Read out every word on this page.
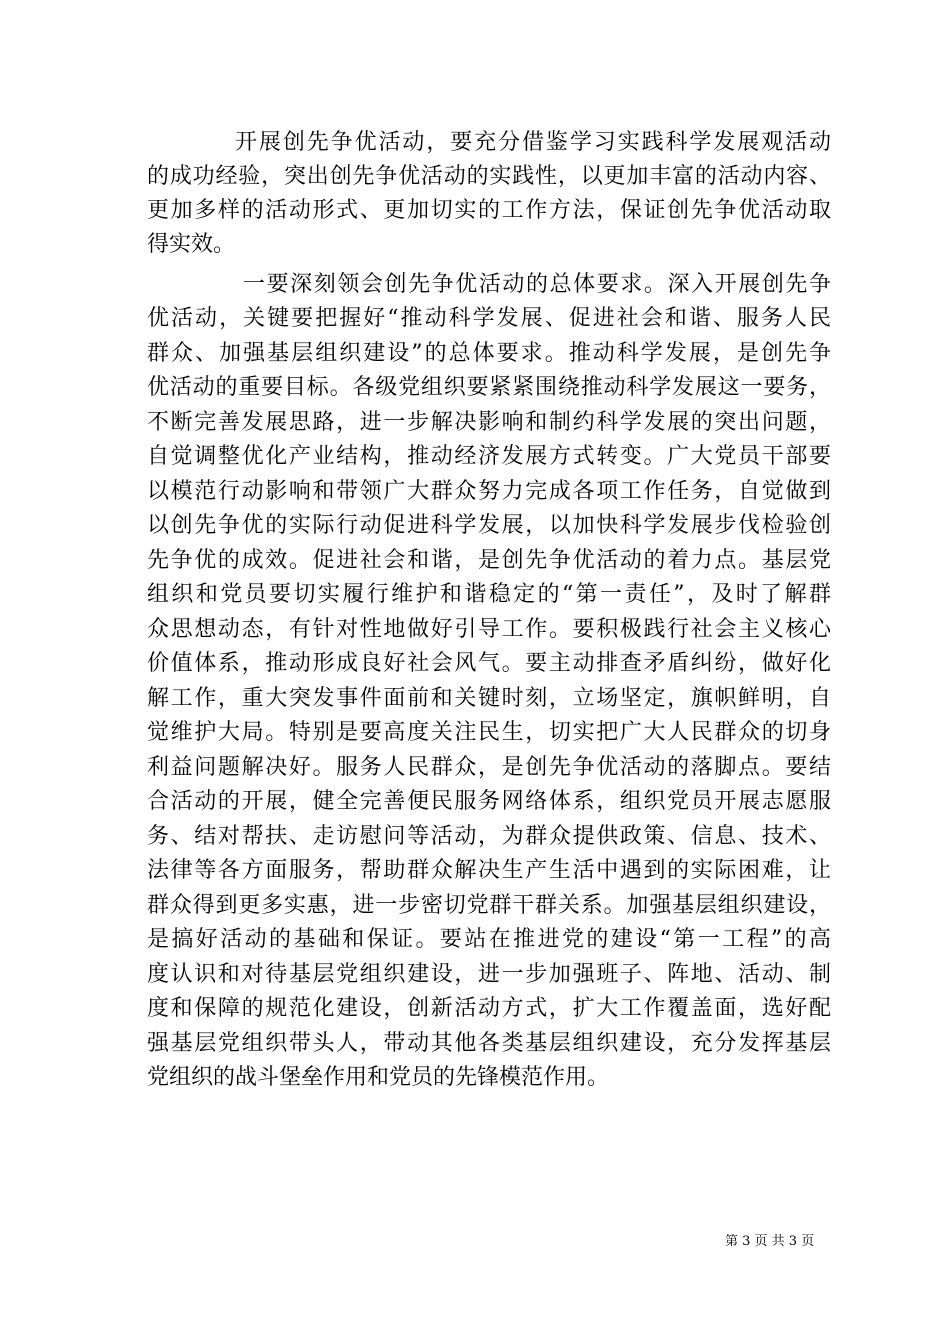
开展创先争优活动，要充分借鉴学习实践科学发展观活动
的成功经验，突出创先争优活动的实践性，以更加丰富的活动内容、
更加多样的活动形式、更加切实的工作方法，保证创先争优活动取
得实效。
一要深刻领会创先争优活动的总体要求。深入开展创先争
优活动，关键要把握好“推动科学发展、促进社会和谐、服务人民
群众、加强基层组织建设”的总体要求。推动科学发展，是创先争
优活动的重要目标。各级党组织要紧紧围绕推动科学发展这一要务，
不断完善发展思路，进一步解决影响和制约科学发展的突出问题，
自觉调整优化产业结构，推动经济发展方式转变。广大党员干部要
以模范行动影响和带领广大群众努力完成各项工作任务，自觉做到
以创先争优的实际行动促进科学发展，以加快科学发展步伐检验创
先争优的成效。促进社会和谐，是创先争优活动的着力点。基层党
组织和党员要切实履行维护和谐稳定的“第一责任”，及时了解群
众思想动态，有针对性地做好引导工作。要积极践行社会主义核心
价值体系，推动形成良好社会风气。要主动排查矛盾纠纷，做好化
解工作，重大突发事件面前和关键时刻，立场坚定，旗帜鲜明，自
觉维护大局。特别是要高度关注民生，切实把广大人民群众的切身
利益问题解决好。服务人民群众，是创先争优活动的落脚点。要结
合活动的开展，健全完善便民服务网络体系，组织党员开展志愿服
务、结对帮扶、走访慰问等活动，为群众提供政策、信息、技术、
法律等各方面服务，帮助群众解决生产生活中遇到的实际困难，让
群众得到更多实惠，进一步密切党群干群关系。加强基层组织建设，
是搞好活动的基础和保证。要站在推进党的建设“第一工程”的高
度认识和对待基层党组织建设，进一步加强班子、阵地、活动、制
度和保障的规范化建设，创新活动方式，扩大工作覆盖面，选好配
强基层党组织带头人，带动其他各类基层组织建设，充分发挥基层
党组织的战斗堡垒作用和党员的先锋模范作用。
第 3 页 共 3 页
